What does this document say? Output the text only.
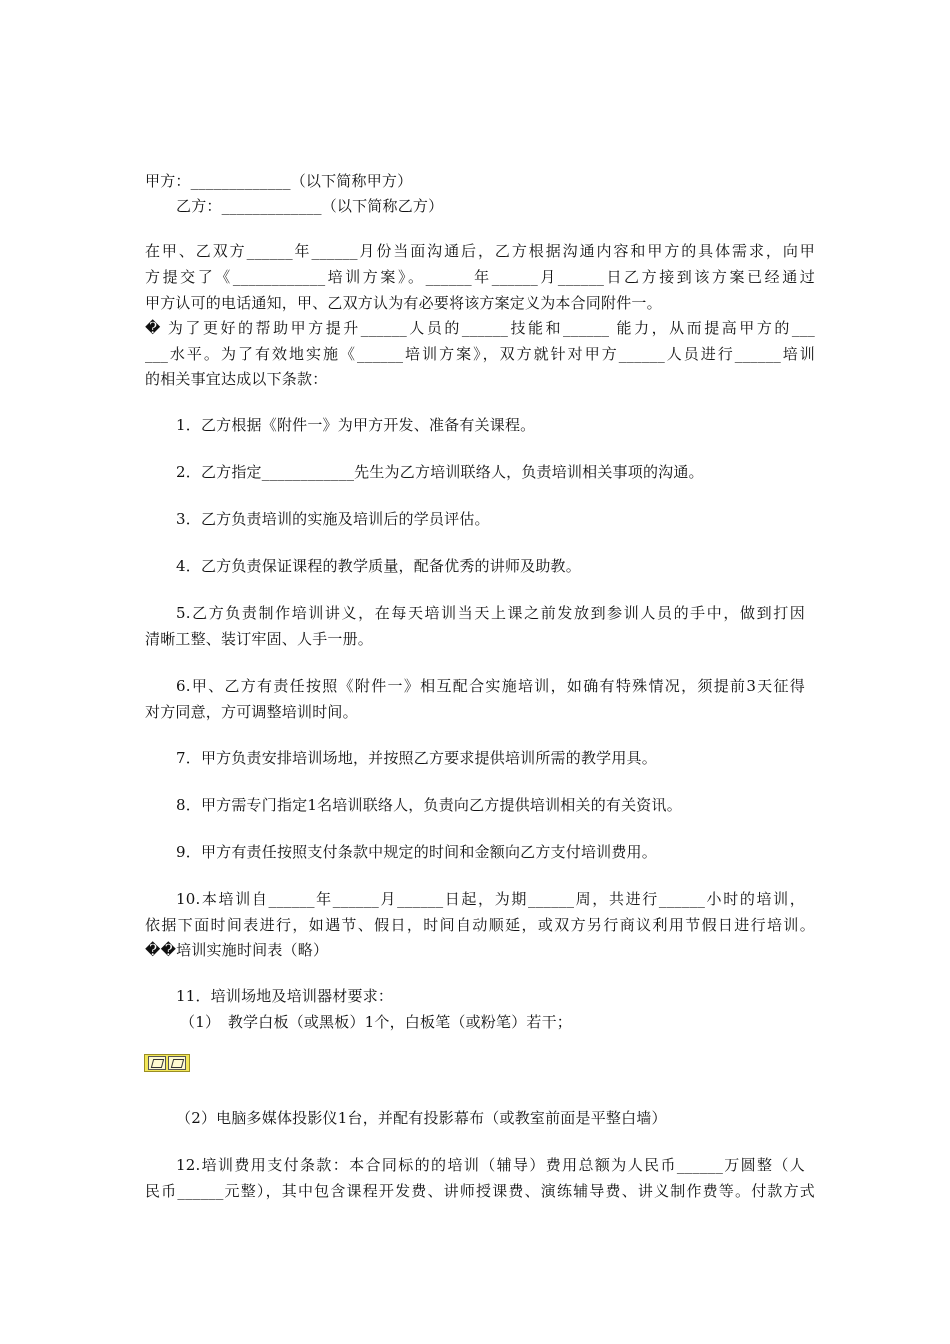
甲方：_____________（以下简称甲方）
乙方：_____________（以下简称乙方）
在甲、乙双方______年______月份当面沟通后，乙方根据沟通内容和甲方的具体需求，向甲
方提交了《____________培训方案》。______年______月______日乙方接到该方案已经通过
甲方认可的电话通知，甲、乙双方认为有必要将该方案定义为本合同附件一。
� 为了更好的帮助甲方提升______人员的______技能和______ 能力，从而提高甲方的___
___水平。为了有效地实施《______培训方案》，双方就针对甲方______人员进行______培训
的相关事宜达成以下条款：
1．乙方根据《附件一》为甲方开发、准备有关课程。
2．乙方指定____________先生为乙方培训联络人，负责培训相关事项的沟通。
3．乙方负责培训的实施及培训后的学员评估。
4．乙方负责保证课程的教学质量，配备优秀的讲师及助教。
5.乙方负责制作培训讲义，在每天培训当天上课之前发放到参训人员的手中，做到打因
清晰工整、装订牢固、人手一册。
6.甲、乙方有责任按照《附件一》相互配合实施培训，如确有特殊情况，须提前3天征得
对方同意，方可调整培训时间。
7．甲方负责安排培训场地，并按照乙方要求提供培训所需的教学用具。
8．甲方需专门指定1名培训联络人，负责向乙方提供培训相关的有关资讯。
9．甲方有责任按照支付条款中规定的时间和金额向乙方支付培训费用。
10.本培训自______年______月______日起，为期______周，共进行______小时的培训，
依据下面时间表进行，如遇节、假日，时间自动顺延，或双方另行商议利用节假日进行培训。
��培训实施时间表（略）
11．培训场地及培训器材要求：
（1）　教学白板（或黑板）1个，白板笔（或粉笔）若干；
（2）电脑多媒体投影仪1台，并配有投影幕布（或教室前面是平整白墙）
12.培训费用支付条款：本合同标的的培训（辅导）费用总额为人民币______万圆整（人
民币______元整），其中包含课程开发费、讲师授课费、演练辅导费、讲义制作费等。付款方式
